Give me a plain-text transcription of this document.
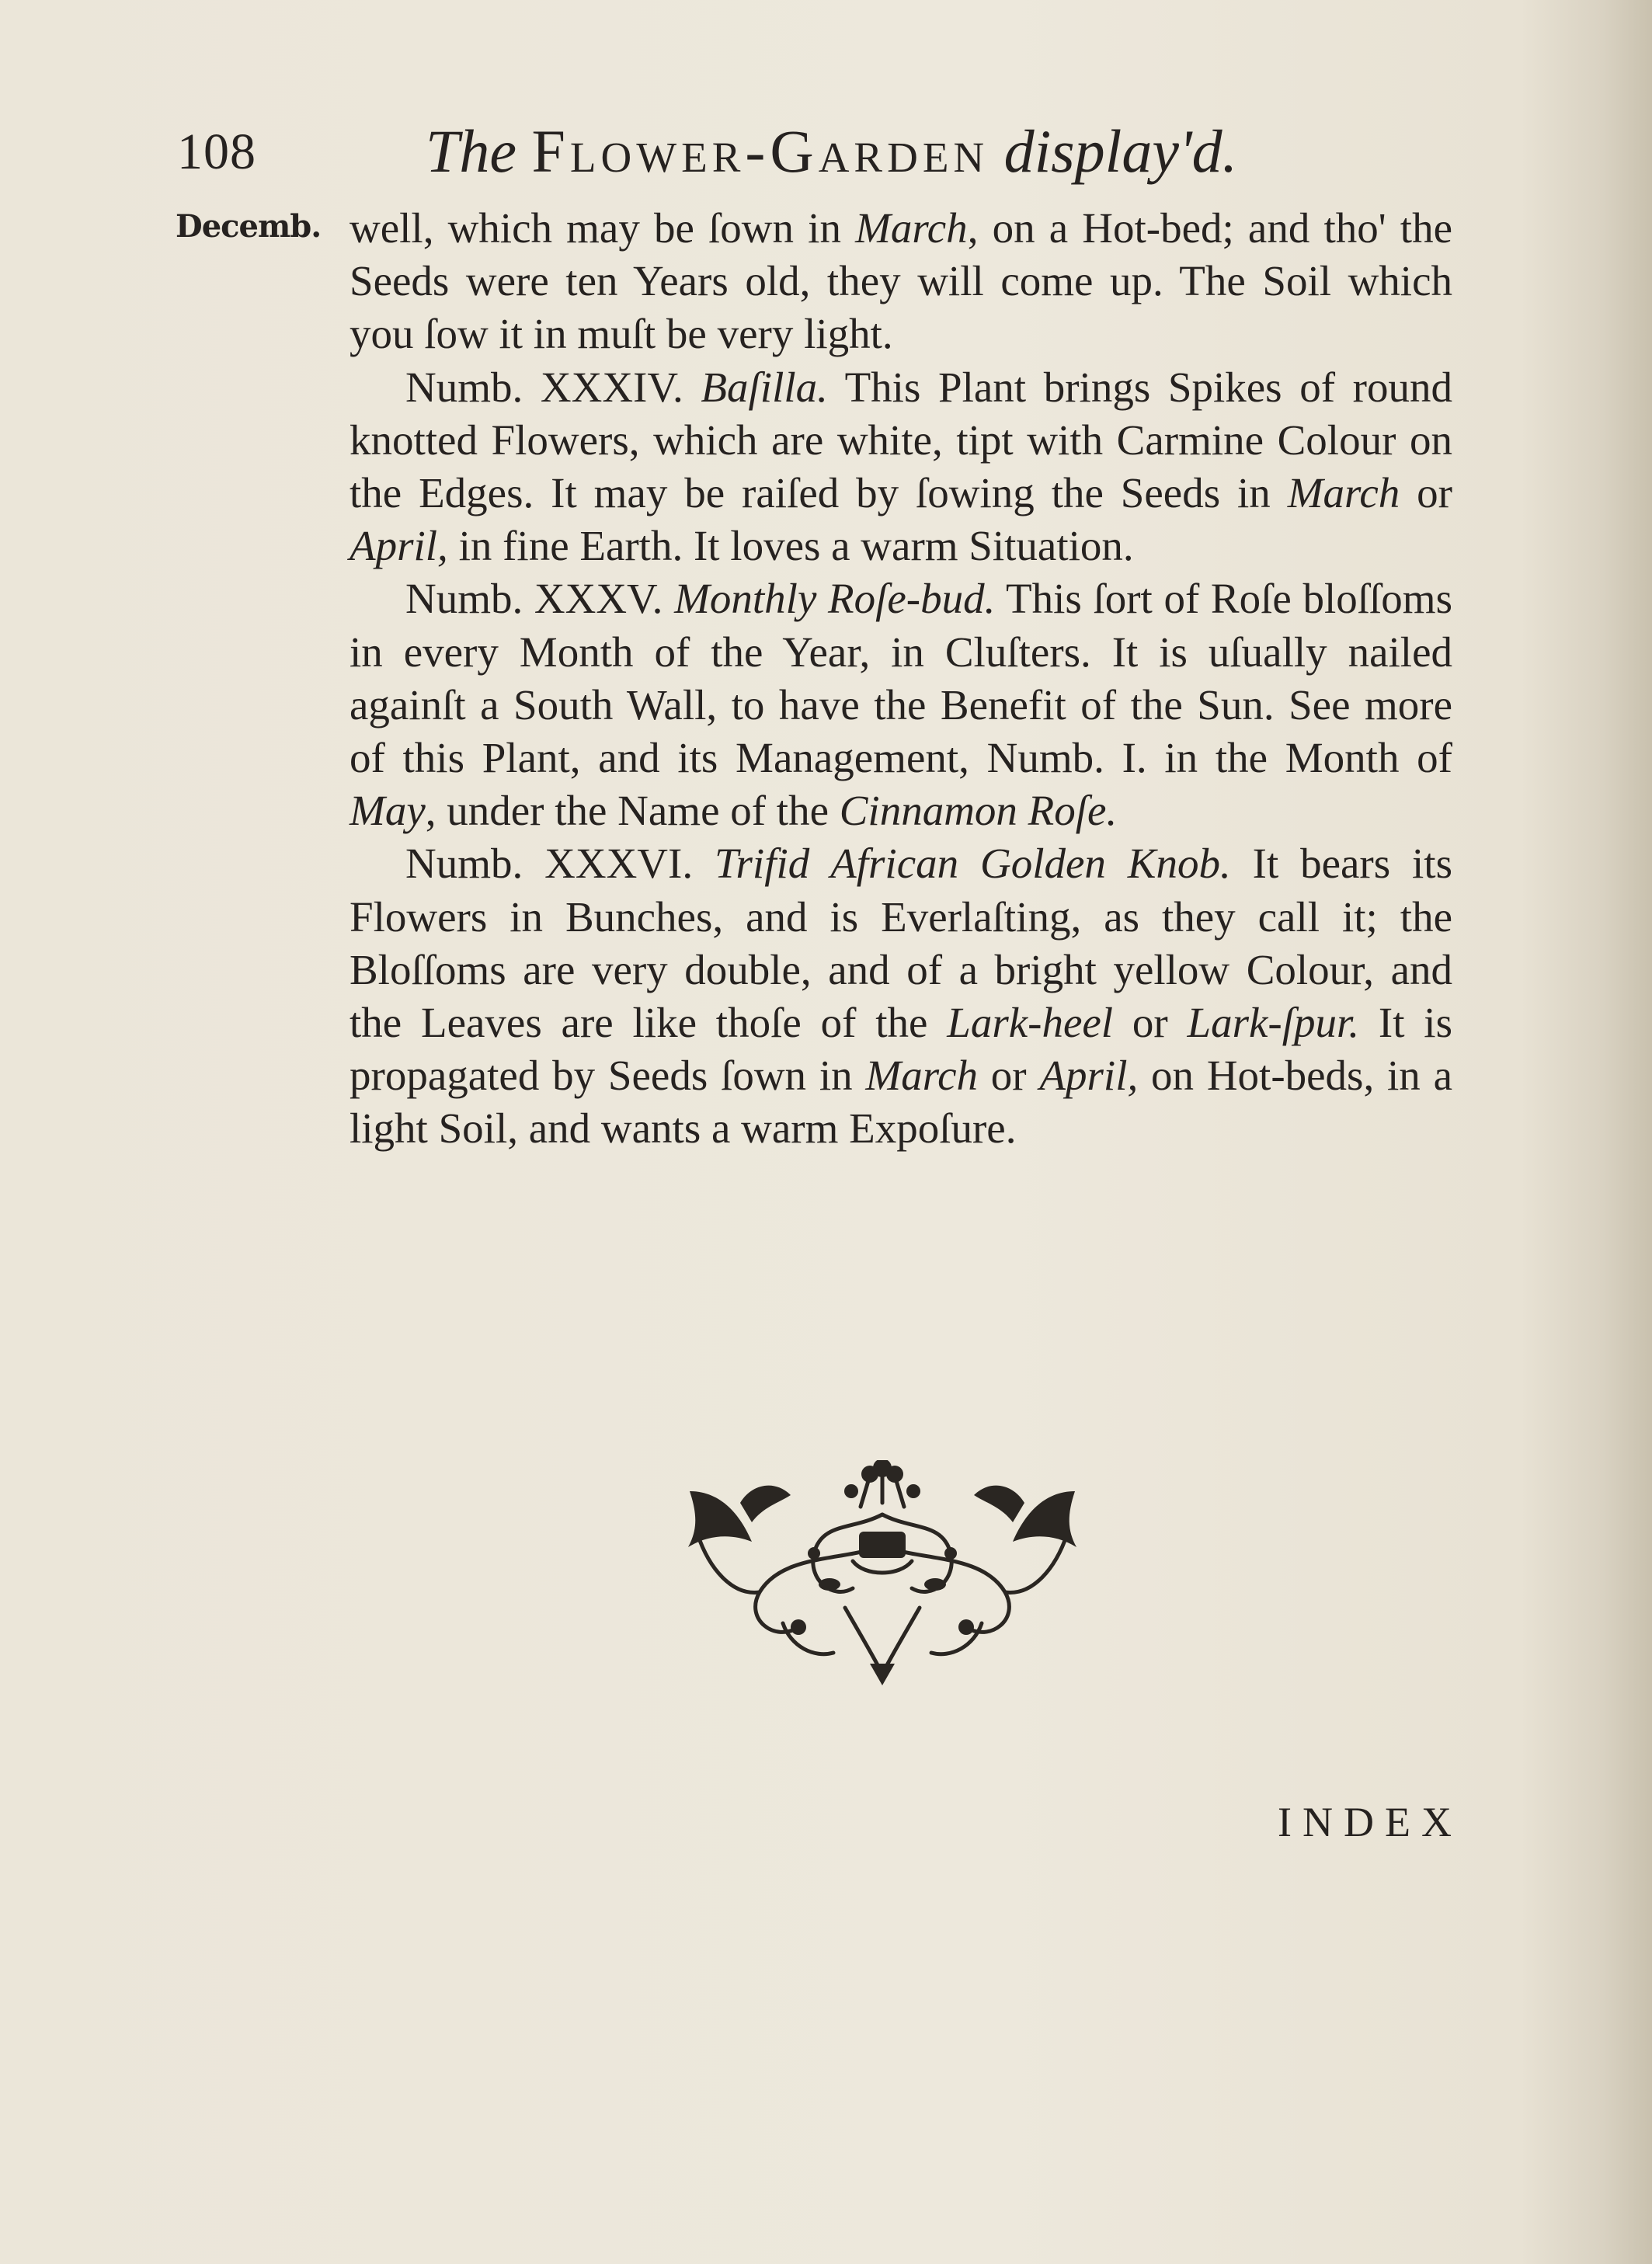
108	The Flower-Garden display'd.
Decemb. well, which may be ſown in March, on a Hot-bed; and tho' the Seeds were ten Years old, they will come up. The Soil which you ſow it in muſt be very light.

Numb. XXXIV. Baſilla. This Plant brings Spikes of round knotted Flowers, which are white, tipt with Carmine Colour on the Edges. It may be raiſed by ſowing the Seeds in March or April, in fine Earth. It loves a warm Situation.

Numb. XXXV. Monthly Roſe-bud. This ſort of Roſe bloſſoms in every Month of the Year, in Cluſters. It is uſually nailed againſt a South Wall, to have the Benefit of the Sun. See more of this Plant, and its Management, Numb. I. in the Month of May, under the Name of the Cinnamon Roſe.

Numb. XXXVI. Trifid African Golden Knob. It bears its Flowers in Bunches, and is Everlaſting, as they call it; the Bloſſoms are very double, and of a bright yellow Colour, and the Leaves are like thoſe of the Lark-heel or Lark-ſpur. It is propagated by Seeds ſown in March or April, on Hot-beds, in a light Soil, and wants a warm Expoſure.

INDEX
